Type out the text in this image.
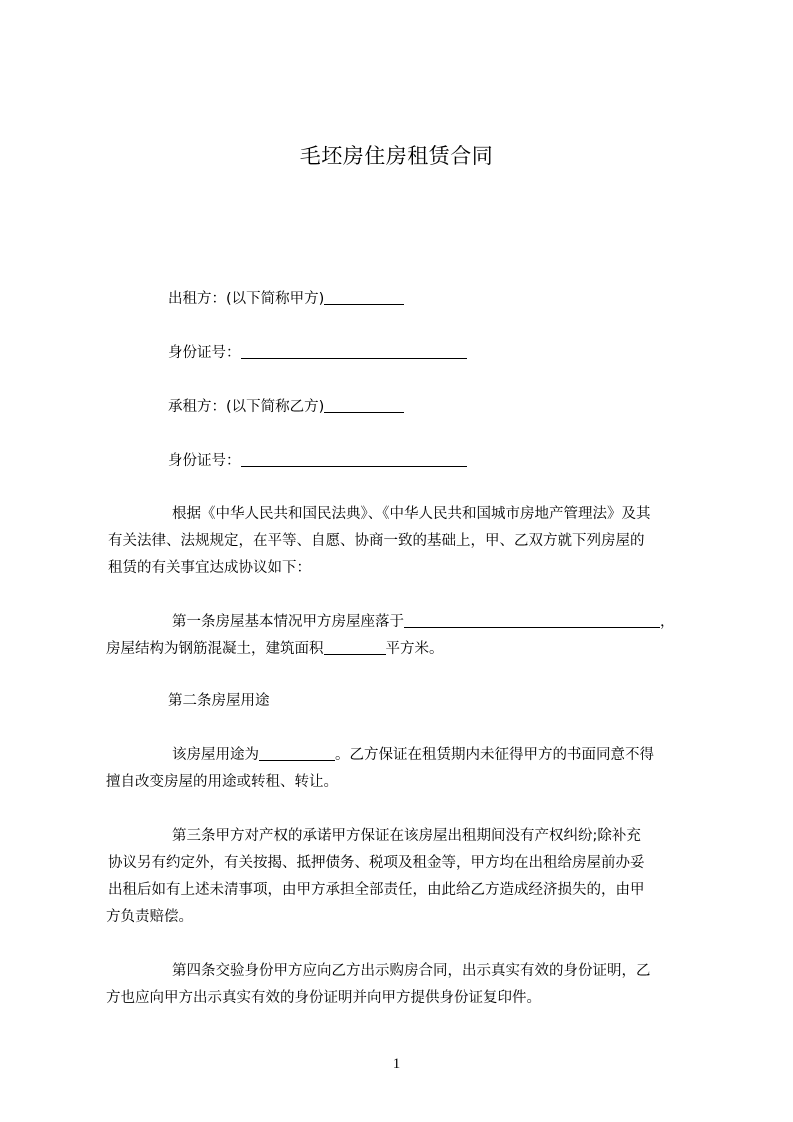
毛坯房住房租赁合同
出租方：(以下简称甲方)
身份证号：
承租方：(以下简称乙方)
身份证号：
根据《中华人民共和国民法典》、《中华人民共和国城市房地产管理法》及其
有关法律、法规规定，在平等、自愿、协商一致的基础上，甲、乙双方就下列房屋的
租赁的有关事宜达成协议如下：
第一条房屋基本情况甲方房屋座落于	，
房屋结构为钢筋混凝土，建筑面积	平方米。
第二条房屋用途
该房屋用途为	。乙方保证在租赁期内未征得甲方的书面同意不得
擅自改变房屋的用途或转租、转让。
第三条甲方对产权的承诺甲方保证在该房屋出租期间没有产权纠纷;除补充
协议另有约定外，有关按揭、抵押债务、税项及租金等，甲方均在出租给房屋前办妥
出租后如有上述未清事项，由甲方承担全部责任，由此给乙方造成经济损失的，由甲
方负责赔偿。
第四条交验身份甲方应向乙方出示购房合同，出示真实有效的身份证明，乙
方也应向甲方出示真实有效的身份证明并向甲方提供身份证复印件。
1
